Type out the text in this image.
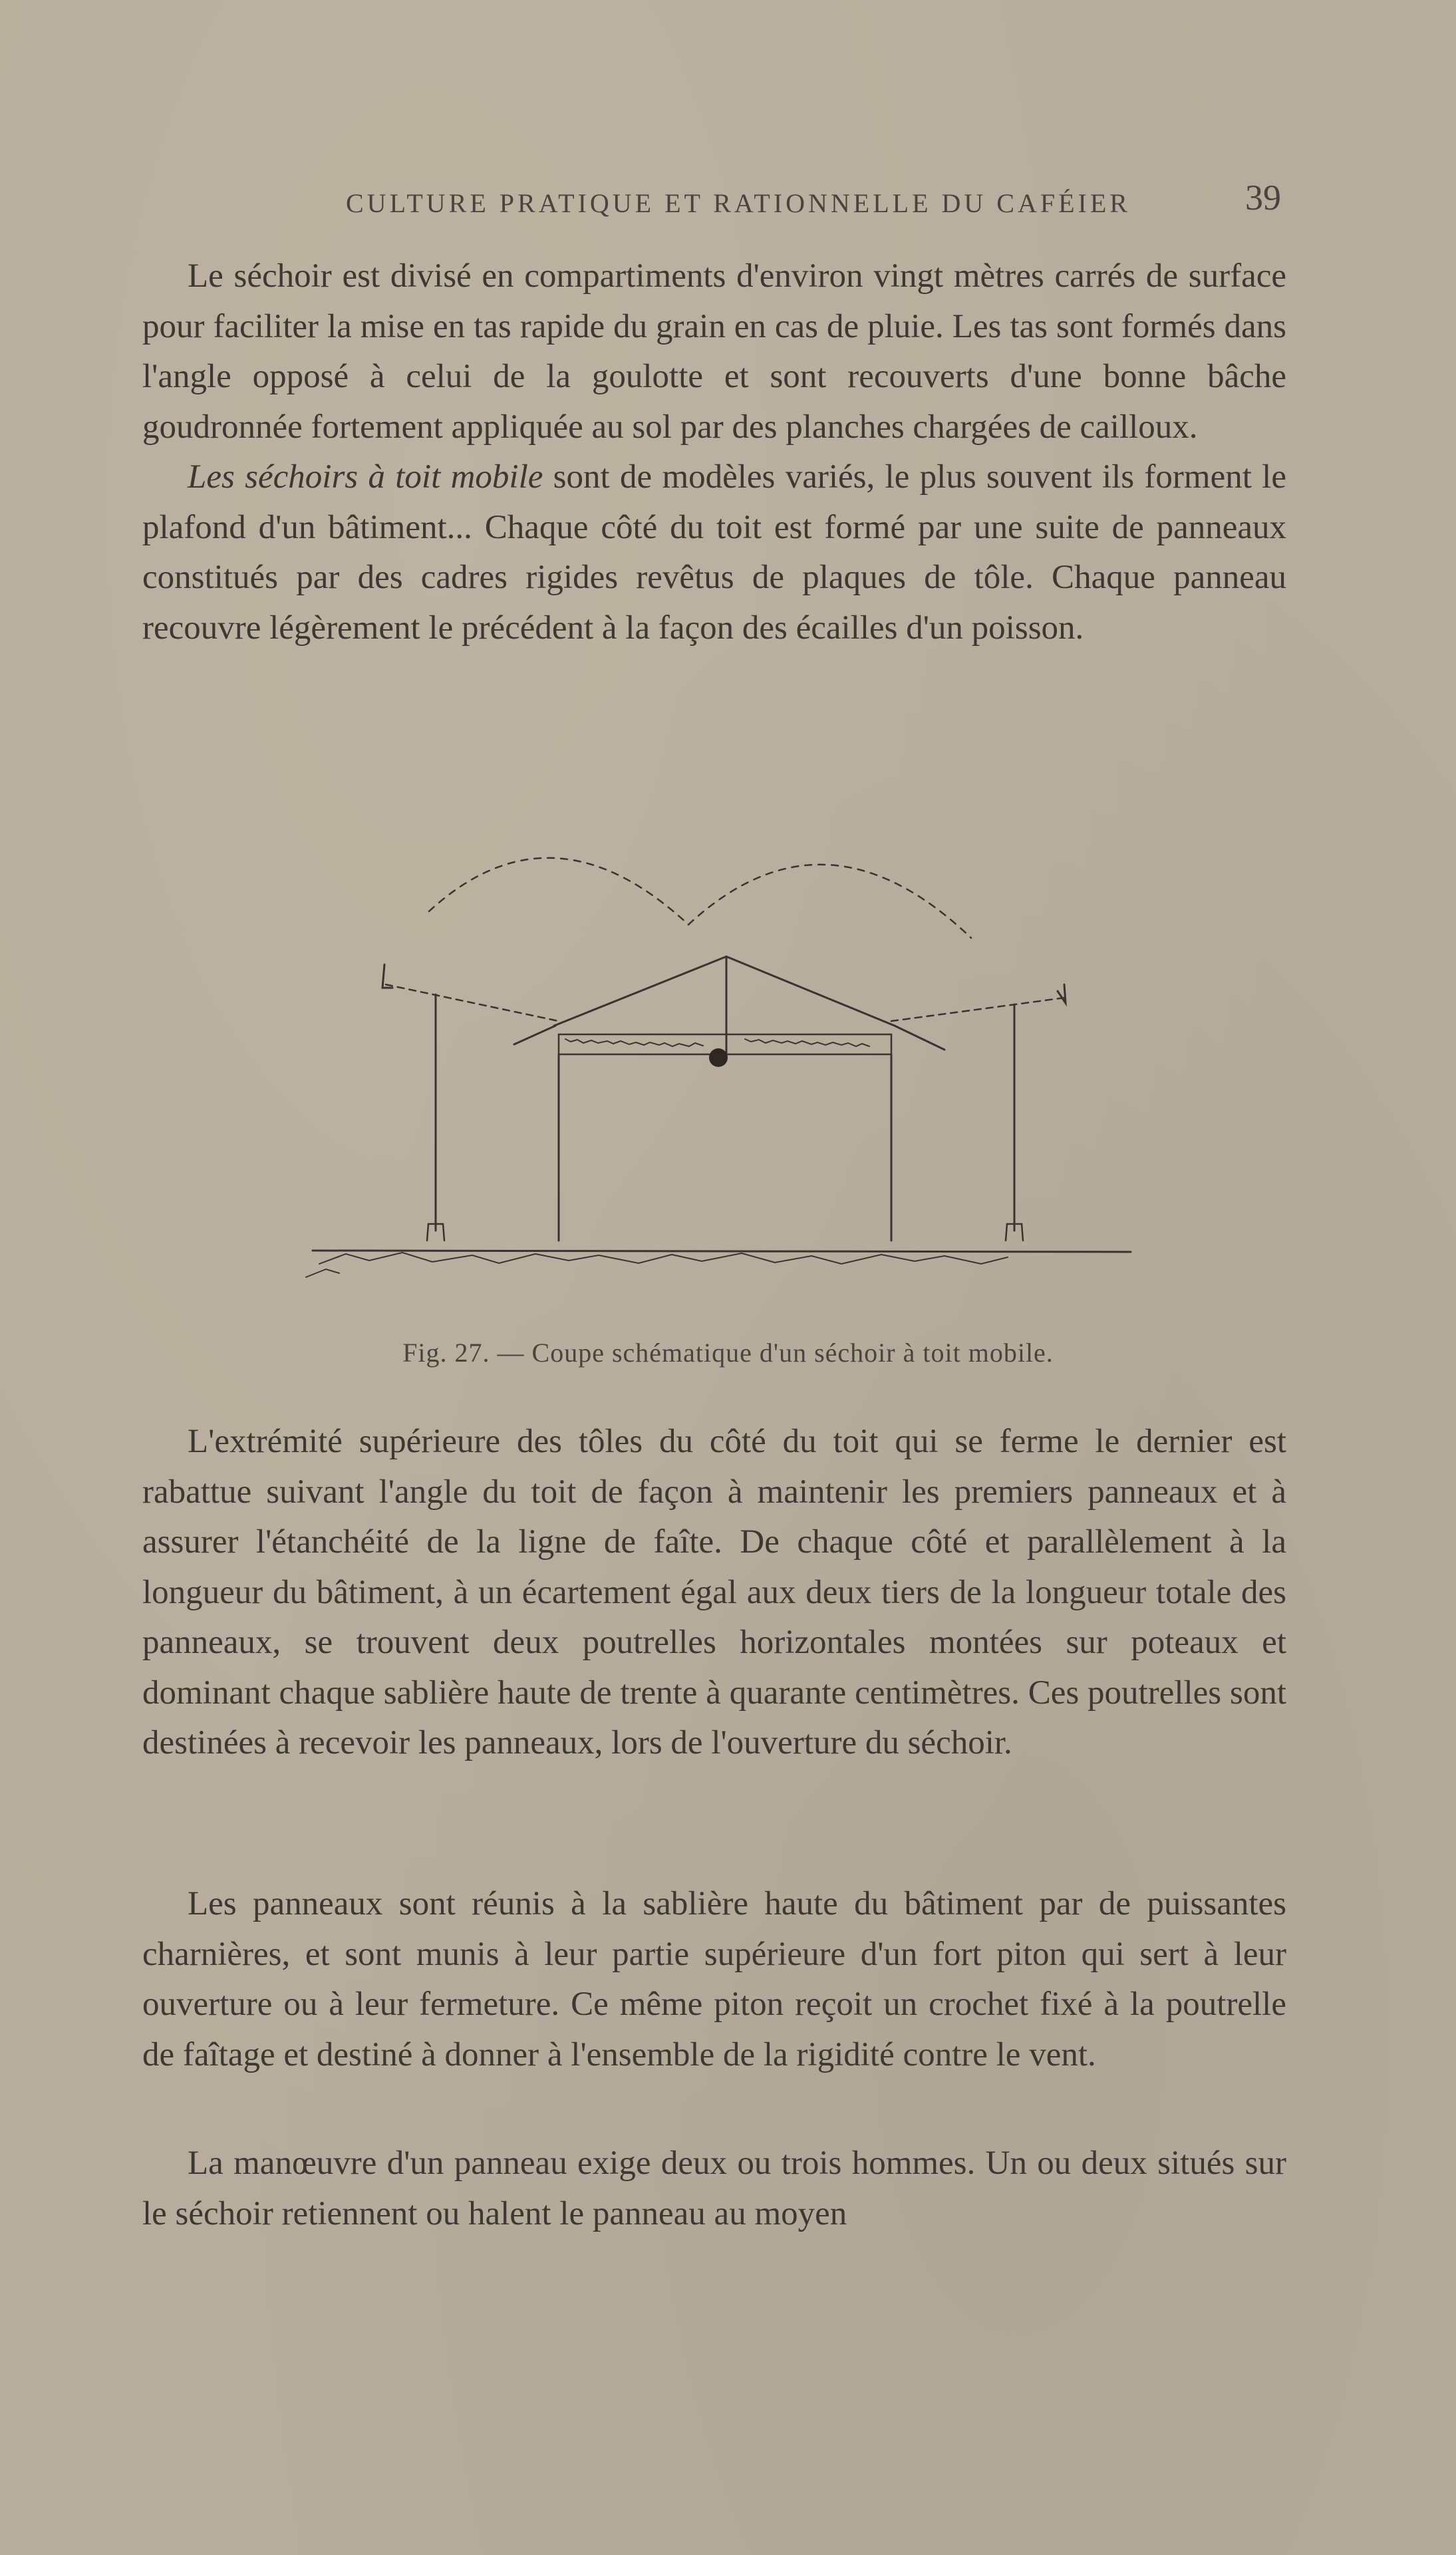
CULTURE PRATIQUE ET RATIONNELLE DU CAFÉIER	39

Le séchoir est divisé en compartiments d'environ vingt mètres carrés de surface pour faciliter la mise en tas rapide du grain en cas de pluie. Les tas sont formés dans l'angle opposé à celui de la goulotte et sont recouverts d'une bonne bâche goudronnée fortement appliquée au sol par des planches chargées de cailloux.

Les séchoirs à toit mobile sont de modèles variés, le plus souvent ils forment le plafond d'un bâtiment... Chaque côté du toit est formé par une suite de panneaux constitués par des cadres rigides revêtus de plaques de tôle. Chaque panneau recouvre légèrement le précédent à la façon des écailles d'un poisson.

Fig. 27. — Coupe schématique d'un séchoir à toit mobile.

L'extrémité supérieure des tôles du côté du toit qui se ferme le dernier est rabattue suivant l'angle du toit de façon à maintenir les premiers panneaux et à assurer l'étanchéité de la ligne de faîte. De chaque côté et parallèlement à la longueur du bâtiment, à un écartement égal aux deux tiers de la longueur totale des panneaux, se trouvent deux poutrelles horizontales montées sur poteaux et dominant chaque sablière haute de trente à quarante centimètres. Ces poutrelles sont destinées à recevoir les panneaux, lors de l'ouverture du séchoir.

Les panneaux sont réunis à la sablière haute du bâtiment par de puissantes charnières, et sont munis à leur partie supérieure d'un fort piton qui sert à leur ouverture ou à leur fermeture. Ce même piton reçoit un crochet fixé à la poutrelle de faîtage et destiné à donner à l'ensemble de la rigidité contre le vent.

La manœuvre d'un panneau exige deux ou trois hommes. Un ou deux situés sur le séchoir retiennent ou halent le panneau au moyen
